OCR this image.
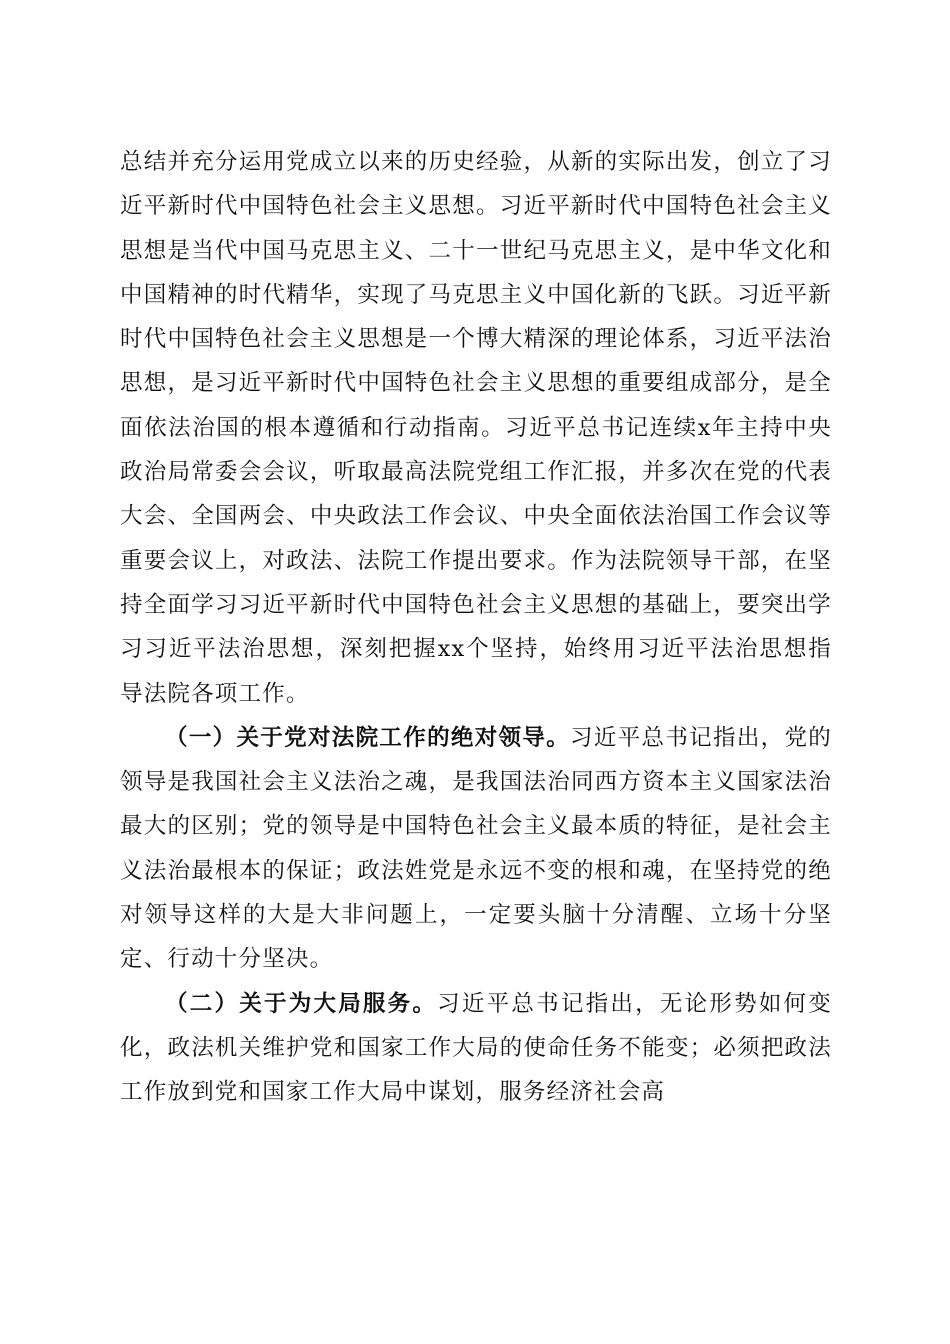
总结并充分运用党成立以来的历史经验，从新的实际出发，创立了习近平新时代中国特色社会主义思想。习近平新时代中国特色社会主义思想是当代中国马克思主义、二十一世纪马克思主义，是中华文化和中国精神的时代精华，实现了马克思主义中国化新的飞跃。习近平新时代中国特色社会主义思想是一个博大精深的理论体系，习近平法治思想，是习近平新时代中国特色社会主义思想的重要组成部分，是全面依法治国的根本遵循和行动指南。习近平总书记连续x年主持中央政治局常委会会议，听取最高法院党组工作汇报，并多次在党的代表大会、全国两会、中央政法工作会议、中央全面依法治国工作会议等重要会议上，对政法、法院工作提出要求。作为法院领导干部，在坚持全面学习习近平新时代中国特色社会主义思想的基础上，要突出学习习近平法治思想，深刻把握xx个坚持，始终用习近平法治思想指导法院各项工作。

（一）关于党对法院工作的绝对领导。习近平总书记指出，党的领导是我国社会主义法治之魂，是我国法治同西方资本主义国家法治最大的区别；党的领导是中国特色社会主义最本质的特征，是社会主义法治最根本的保证；政法姓党是永远不变的根和魂，在坚持党的绝对领导这样的大是大非问题上，一定要头脑十分清醒、立场十分坚定、行动十分坚决。

（二）关于为大局服务。习近平总书记指出，无论形势如何变化，政法机关维护党和国家工作大局的使命任务不能变；必须把政法工作放到党和国家工作大局中谋划，服务经济社会高
